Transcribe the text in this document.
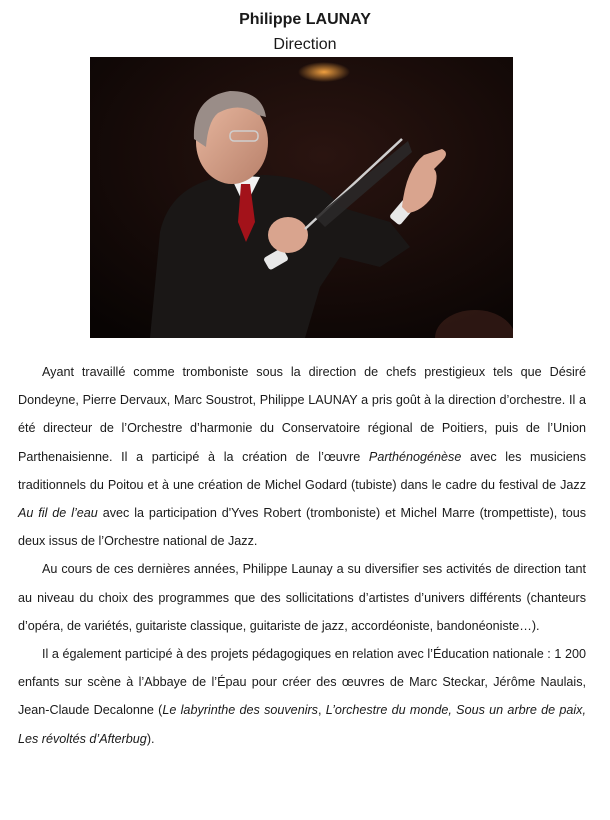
Philippe LAUNAY
Direction

Ayant travaillé comme tromboniste sous la direction de chefs prestigieux tels que Désiré Dondeyne, Pierre Dervaux, Marc Soustrot, Philippe LAUNAY a pris goût à la direction d’orchestre. Il a été directeur de l’Orchestre d’harmonie du Conservatoire régional de Poitiers, puis de l’Union Parthenaisienne. Il a participé à la création de l’œuvre Parthénogénèse avec les musiciens traditionnels du Poitou et à une création de Michel Godard (tubiste) dans le cadre du festival de Jazz Au fil de l’eau avec la participation d'Yves Robert (tromboniste) et Michel Marre (trompettiste), tous deux issus de l’Orchestre national de Jazz.

Au cours de ces dernières années, Philippe Launay a su diversifier ses activités de direction tant au niveau du choix des programmes que des sollicitations d’artistes d’univers différents (chanteurs d’opéra, de variétés, guitariste classique, guitariste de jazz, accordéoniste, bandonéoniste…).

Il a également participé à des projets pédagogiques en relation avec l’Éducation nationale : 1 200 enfants sur scène à l’Abbaye de l’Épau pour créer des œuvres de Marc Steckar, Jérôme Naulais, Jean-Claude Decalonne (Le labyrinthe des souvenirs, L’orchestre du monde, Sous un arbre de paix, Les révoltés d’Afterbug).
